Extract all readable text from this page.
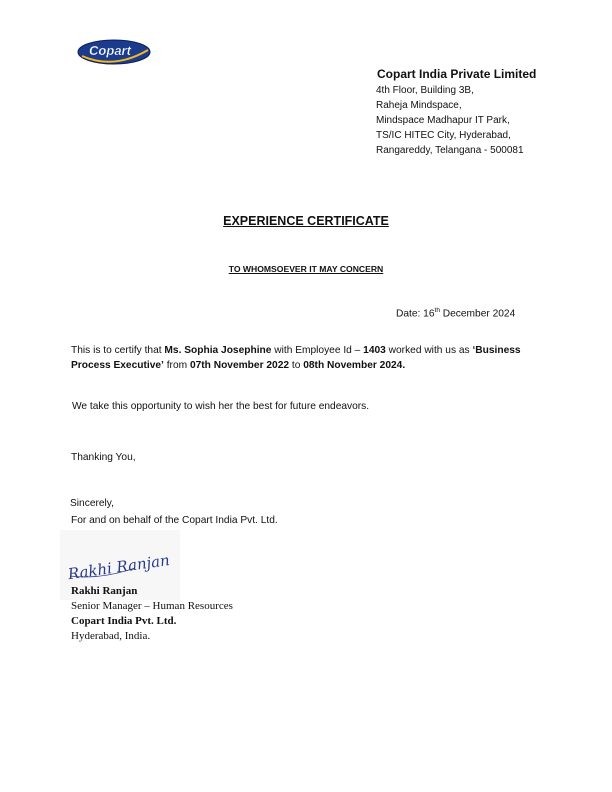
Copart
Copart India Private Limited
4th Floor, Building 3B,
Raheja Mindspace,
Mindspace Madhapur IT Park,
TS/IC HITEC City, Hyderabad,
Rangareddy, Telangana - 500081
EXPERIENCE CERTIFICATE
TO WHOMSOEVER IT MAY CONCERN
Date: 16th December 2024
This is to certify that Ms. Sophia Josephine with Employee Id – 1403 worked with us as ‘Business
Process Executive’ from 07th November 2022 to 08th November 2024.
We take this opportunity to wish her the best for future endeavors.
Thanking You,
Sincerely,
For and on behalf of the Copart India Pvt. Ltd.
Rakhi Ranjan
Rakhi Ranjan
Senior Manager – Human Resources
Copart India Pvt. Ltd.
Hyderabad, India.
